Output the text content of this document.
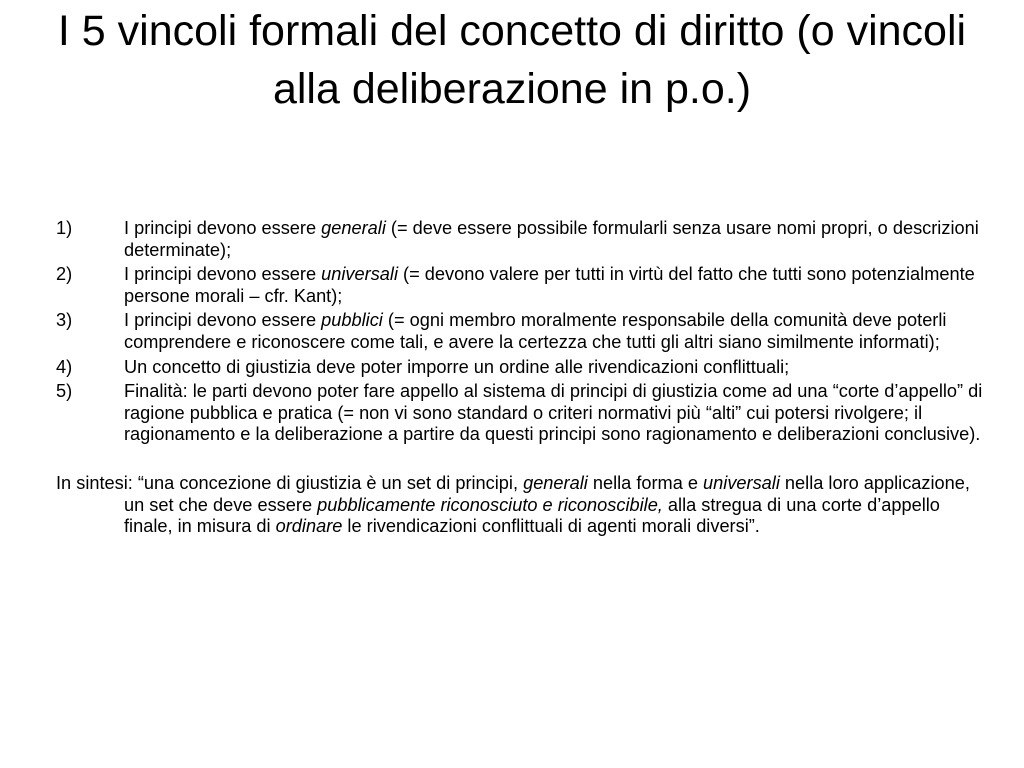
I 5 vincoli formali del concetto di diritto (o vincoli alla deliberazione in p.o.)
1)	I principi devono essere generali (= deve essere possibile formularli senza usare nomi propri, o descrizioni determinate);
2)	I principi devono essere universali (= devono valere per tutti in virtù del fatto che tutti sono potenzialmente persone morali – cfr. Kant);
3)	I principi devono essere pubblici (= ogni membro moralmente responsabile della comunità deve poterli comprendere e riconoscere come tali, e avere la certezza che tutti gli altri siano similmente informati);
4)	Un concetto di giustizia deve poter imporre un ordine alle rivendicazioni conflittuali;
5)	Finalità: le parti devono poter fare appello al sistema di principi di giustizia come ad una “corte d’appello” di ragione pubblica e pratica (= non vi sono standard o criteri normativi più “alti” cui potersi rivolgere; il ragionamento e la deliberazione a partire da questi principi sono ragionamento e deliberazioni conclusive).

In sintesi: “una concezione di giustizia è un set di principi, generali nella forma e universali nella loro applicazione, un set che deve essere pubblicamente riconosciuto e riconoscibile, alla stregua di una corte d’appello finale, in misura di ordinare le rivendicazioni conflittuali di agenti morali diversi”.
